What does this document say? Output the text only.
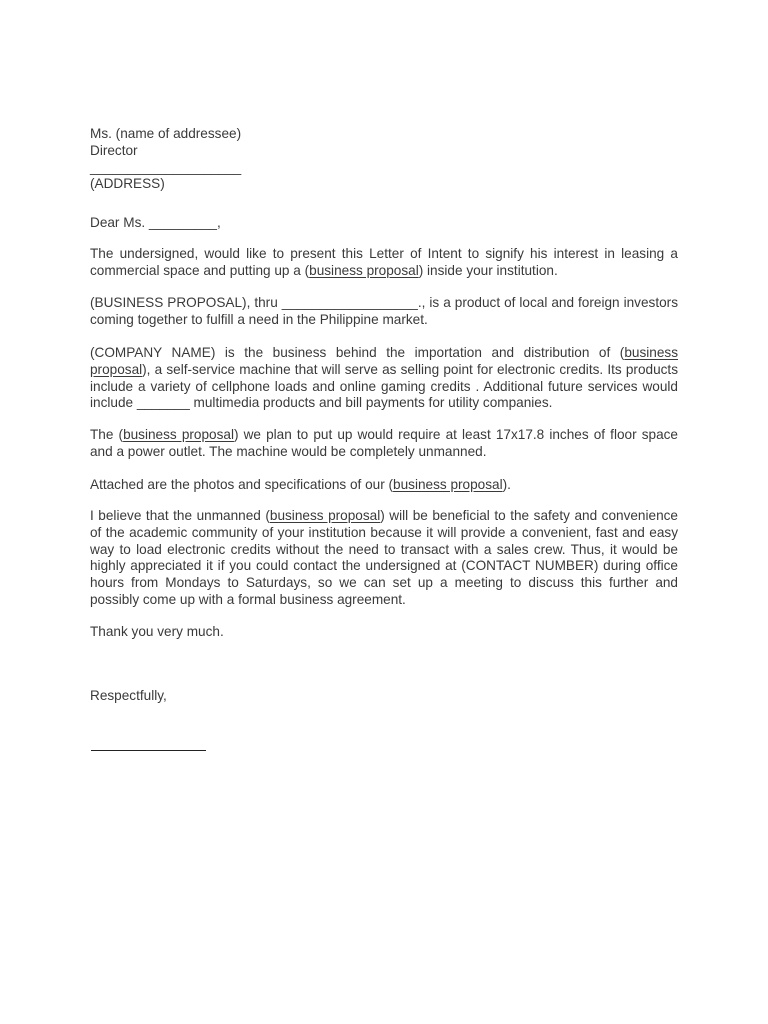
Ms. (name of addressee)
Director
____________________
(ADDRESS)

Dear Ms. _________,

The undersigned, would like to present this Letter of Intent to signify his interest in leasing a commercial space and putting up a (business proposal) inside your institution.

(BUSINESS PROPOSAL), thru __________________., is a product of local and foreign investors coming together to fulfill a need in the Philippine market.

(COMPANY NAME) is the business behind the importation and distribution of (business proposal), a self-service machine that will serve as selling point for electronic credits. Its products include a variety of cellphone loads and online gaming credits . Additional future services would include _______ multimedia products and bill payments for utility companies.

The (business proposal) we plan to put up would require at least 17x17.8 inches of floor space and a power outlet. The machine would be completely unmanned.

Attached are the photos and specifications of our (business proposal).

I believe that the unmanned (business proposal) will be beneficial to the safety and convenience of the academic community of your institution because it will provide a convenient, fast and easy way to load electronic credits without the need to transact with a sales crew. Thus, it would be highly appreciated it if you could contact the undersigned at (CONTACT NUMBER) during office hours from Mondays to Saturdays, so we can set up a meeting to discuss this further and possibly come up with a formal business agreement.

Thank you very much.

Respectfully,
